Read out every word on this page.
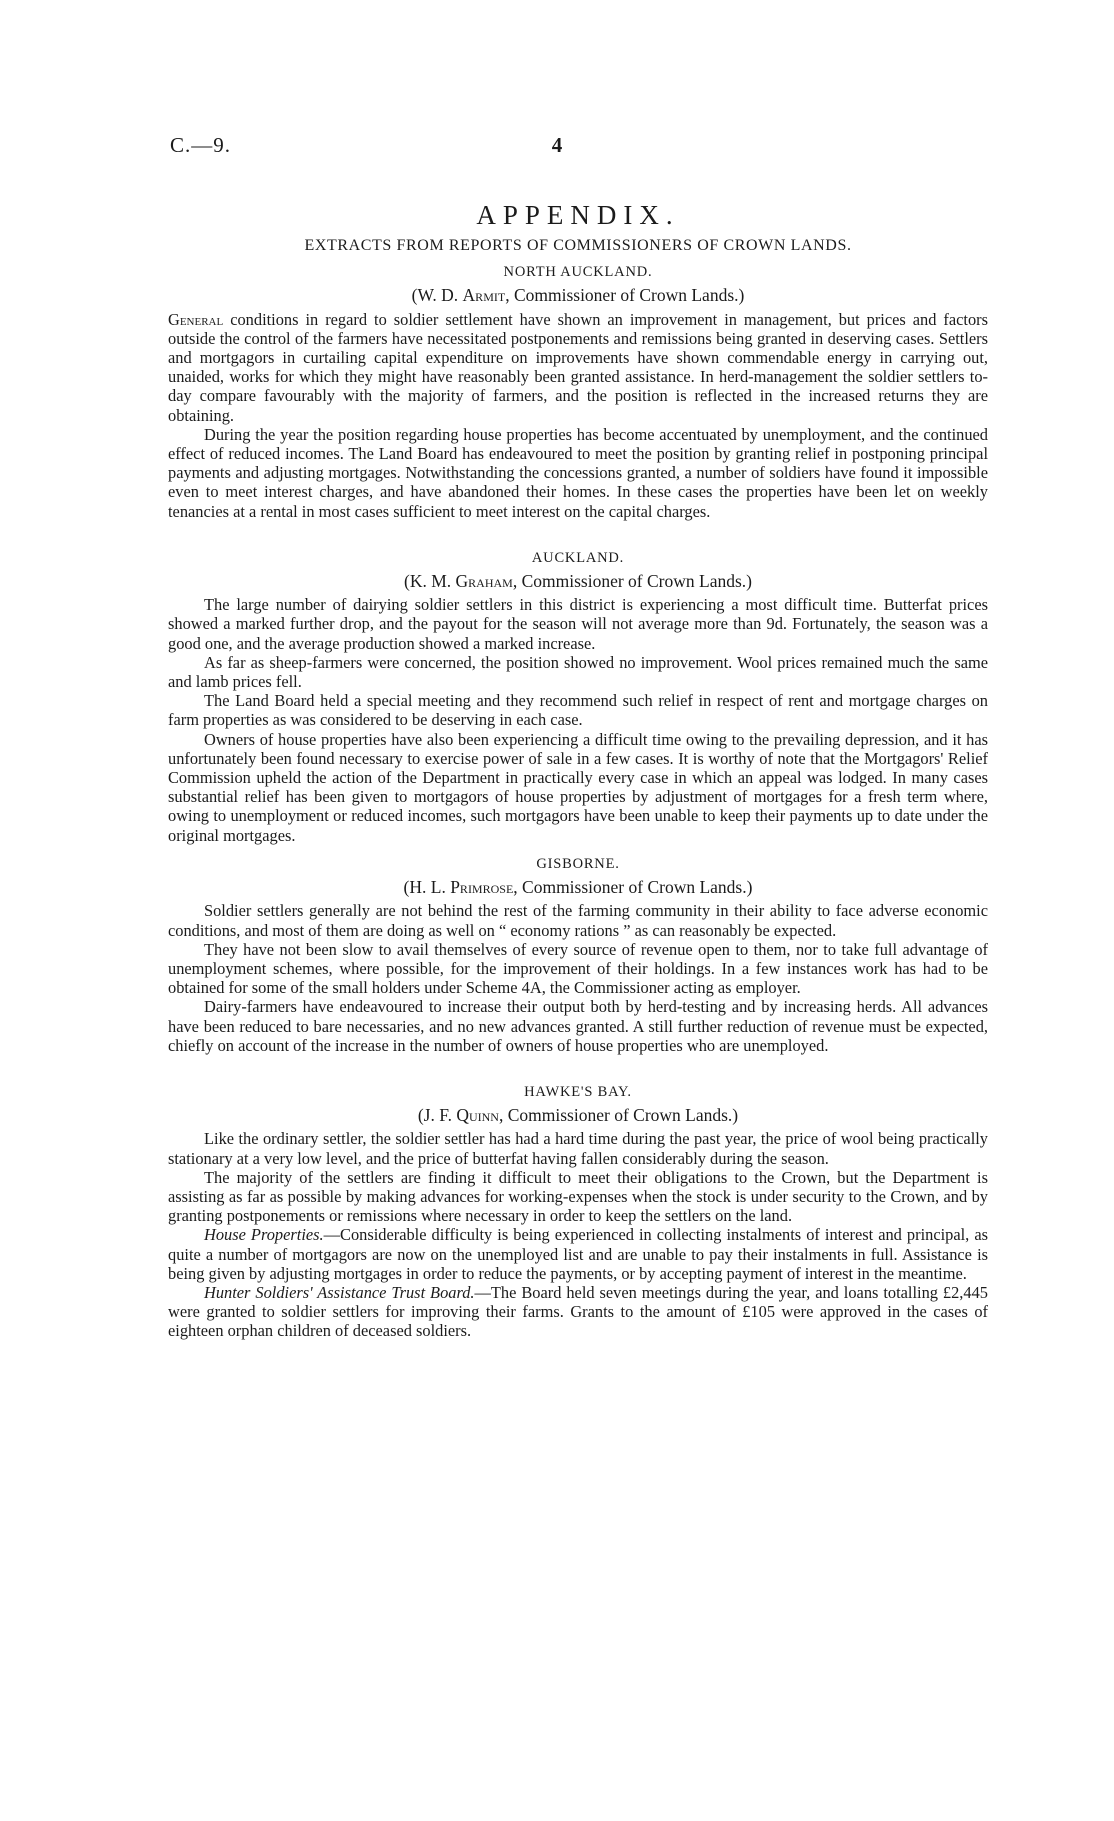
C.—9.	4
APPENDIX.
EXTRACTS FROM REPORTS OF COMMISSIONERS OF CROWN LANDS.
NORTH AUCKLAND.
(W. D. Armit, Commissioner of Crown Lands.)

General conditions in regard to soldier settlement have shown an improvement in management, but prices and factors outside the control of the farmers have necessitated postponements and remissions being granted in deserving cases. Settlers and mortgagors in curtailing capital expenditure on improvements have shown commendable energy in carrying out, unaided, works for which they might have reasonably been granted assistance. In herd-management the soldier settlers to-day compare favourably with the majority of farmers, and the position is reflected in the increased returns they are obtaining.

During the year the position regarding house properties has become accentuated by unemployment, and the continued effect of reduced incomes. The Land Board has endeavoured to meet the position by granting relief in postponing principal payments and adjusting mortgages. Notwithstanding the concessions granted, a number of soldiers have found it impossible even to meet interest charges, and have abandoned their homes. In these cases the properties have been let on weekly tenancies at a rental in most cases sufficient to meet interest on the capital charges.

AUCKLAND.
(K. M. Graham, Commissioner of Crown Lands.)

The large number of dairying soldier settlers in this district is experiencing a most difficult time. Butterfat prices showed a marked further drop, and the payout for the season will not average more than 9d. Fortunately, the season was a good one, and the average production showed a marked increase.

As far as sheep-farmers were concerned, the position showed no improvement. Wool prices remained much the same and lamb prices fell.

The Land Board held a special meeting and they recommend such relief in respect of rent and mortgage charges on farm properties as was considered to be deserving in each case.

Owners of house properties have also been experiencing a difficult time owing to the prevailing depression, and it has unfortunately been found necessary to exercise power of sale in a few cases. It is worthy of note that the Mortgagors' Relief Commission upheld the action of the Department in practically every case in which an appeal was lodged. In many cases substantial relief has been given to mortgagors of house properties by adjustment of mortgages for a fresh term where, owing to unemployment or reduced incomes, such mortgagors have been unable to keep their payments up to date under the original mortgages.

GISBORNE.
(H. L. Primrose, Commissioner of Crown Lands.)

Soldier settlers generally are not behind the rest of the farming community in their ability to face adverse economic conditions, and most of them are doing as well on “ economy rations ” as can reasonably be expected.

They have not been slow to avail themselves of every source of revenue open to them, nor to take full advantage of unemployment schemes, where possible, for the improvement of their holdings. In a few instances work has had to be obtained for some of the small holders under Scheme 4A, the Commissioner acting as employer.

Dairy-farmers have endeavoured to increase their output both by herd-testing and by increasing herds. All advances have been reduced to bare necessaries, and no new advances granted. A still further reduction of revenue must be expected, chiefly on account of the increase in the number of owners of house properties who are unemployed.

HAWKE'S BAY.
(J. F. Quinn, Commissioner of Crown Lands.)

Like the ordinary settler, the soldier settler has had a hard time during the past year, the price of wool being practically stationary at a very low level, and the price of butterfat having fallen considerably during the season.

The majority of the settlers are finding it difficult to meet their obligations to the Crown, but the Department is assisting as far as possible by making advances for working-expenses when the stock is under security to the Crown, and by granting postponements or remissions where necessary in order to keep the settlers on the land.

House Properties.—Considerable difficulty is being experienced in collecting instalments of interest and principal, as quite a number of mortgagors are now on the unemployed list and are unable to pay their instalments in full. Assistance is being given by adjusting mortgages in order to reduce the payments, or by accepting payment of interest in the meantime.

Hunter Soldiers' Assistance Trust Board.—The Board held seven meetings during the year, and loans totalling £2,445 were granted to soldier settlers for improving their farms. Grants to the amount of £105 were approved in the cases of eighteen orphan children of deceased soldiers.
